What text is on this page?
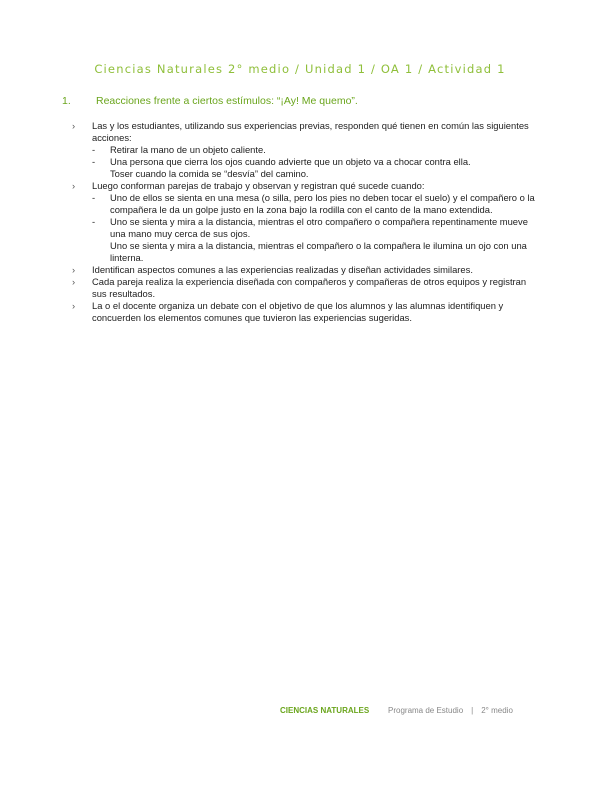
Ciencias Naturales 2° medio / Unidad 1 / OA 1 / Actividad 1
1. Reacciones frente a ciertos estímulos: “¡Ay! Me quemo”.
› Las y los estudiantes, utilizando sus experiencias previas, responden qué tienen en común las siguientes acciones:
- Retirar la mano de un objeto caliente.
- Una persona que cierra los ojos cuando advierte que un objeto va a chocar contra ella.
Toser cuando la comida se “desvía” del camino.
› Luego conforman parejas de trabajo y observan y registran qué sucede cuando:
- Uno de ellos se sienta en una mesa (o silla, pero los pies no deben tocar el suelo) y el compañero o la compañera le da un golpe justo en la zona bajo la rodilla con el canto de la mano extendida.
- Uno se sienta y mira a la distancia, mientras el otro compañero o compañera repentinamente mueve una mano muy cerca de sus ojos.
Uno se sienta y mira a la distancia, mientras el compañero o la compañera le ilumina un ojo con una linterna.
› Identifican aspectos comunes a las experiencias realizadas y diseñan actividades similares.
› Cada pareja realiza la experiencia diseñada con compañeros y compañeras de otros equipos y registran sus resultados.
› La o el docente organiza un debate con el objetivo de que los alumnos y las alumnas identifiquen y concuerden los elementos comunes que tuvieron las experiencias sugeridas.
CIENCIAS NATURALES Programa de Estudio | 2° medio
